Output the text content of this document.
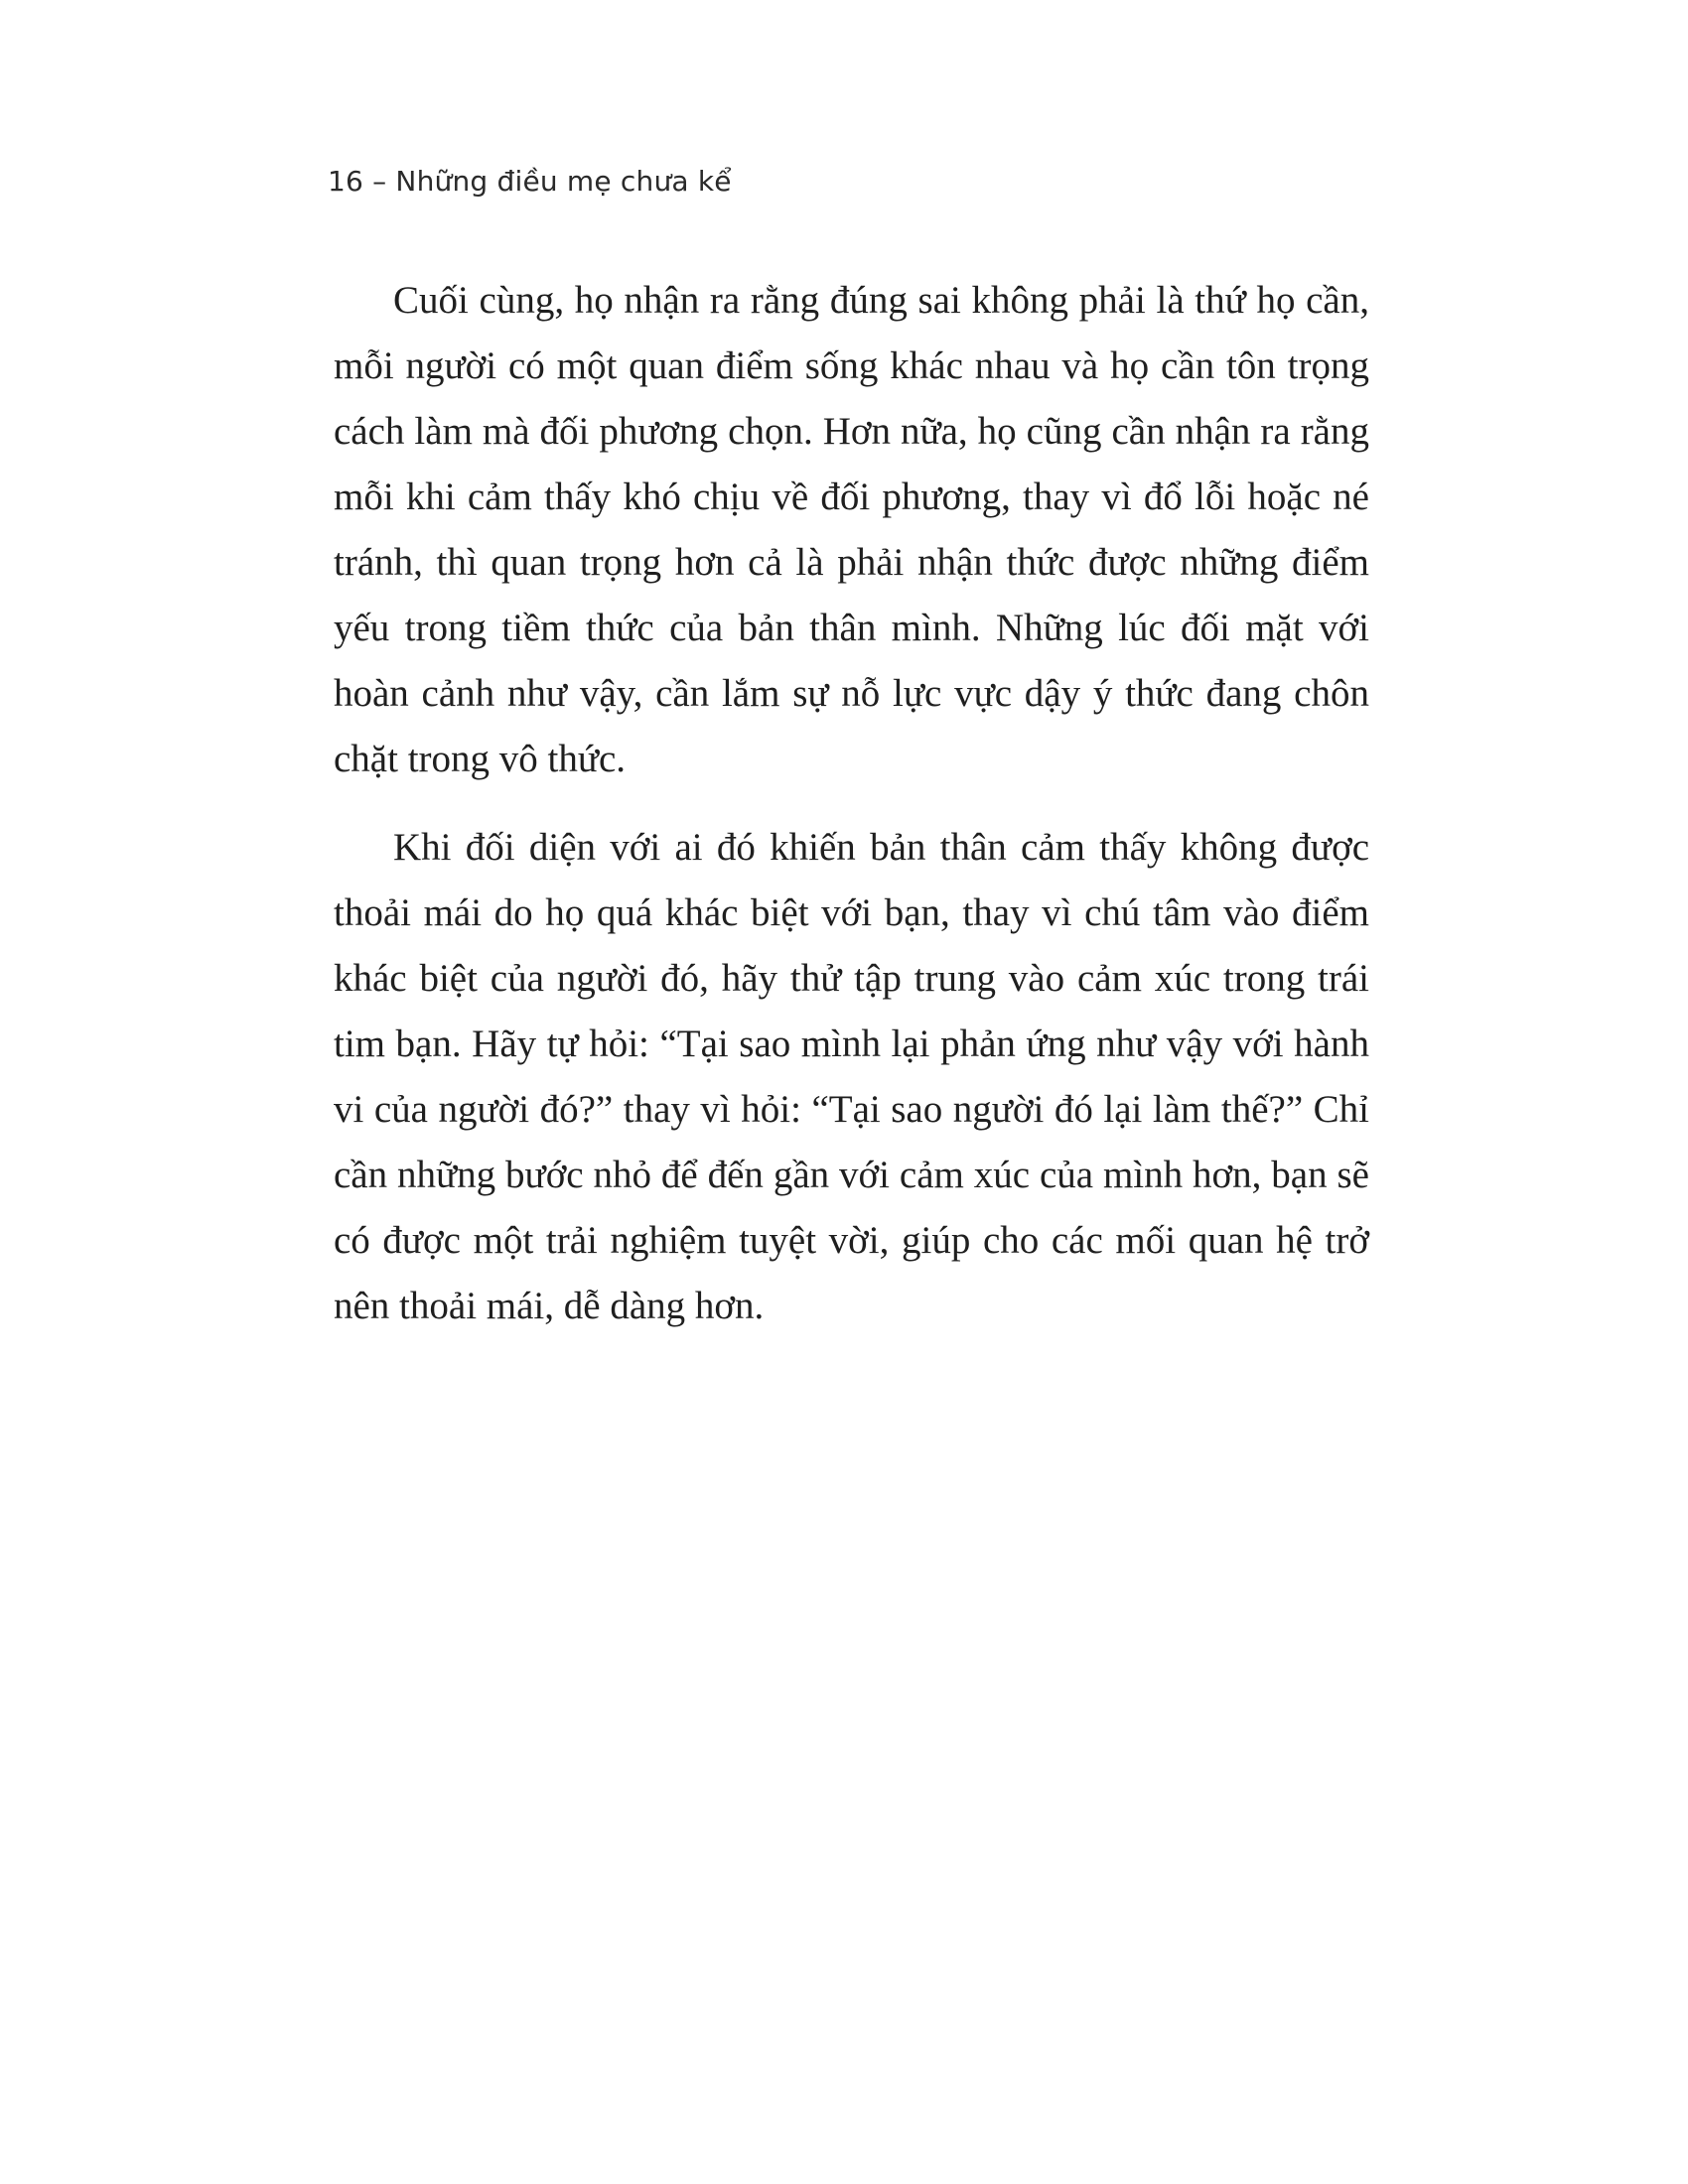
16 – Những điều mẹ chưa kể

Cuối cùng, họ nhận ra rằng đúng sai không phải là thứ họ cần, mỗi người có một quan điểm sống khác nhau và họ cần tôn trọng cách làm mà đối phương chọn. Hơn nữa, họ cũng cần nhận ra rằng mỗi khi cảm thấy khó chịu về đối phương, thay vì đổ lỗi hoặc né tránh, thì quan trọng hơn cả là phải nhận thức được những điểm yếu trong tiềm thức của bản thân mình. Những lúc đối mặt với hoàn cảnh như vậy, cần lắm sự nỗ lực vực dậy ý thức đang chôn chặt trong vô thức.

Khi đối diện với ai đó khiến bản thân cảm thấy không được thoải mái do họ quá khác biệt với bạn, thay vì chú tâm vào điểm khác biệt của người đó, hãy thử tập trung vào cảm xúc trong trái tim bạn. Hãy tự hỏi: “Tại sao mình lại phản ứng như vậy với hành vi của người đó?” thay vì hỏi: “Tại sao người đó lại làm thế?” Chỉ cần những bước nhỏ để đến gần với cảm xúc của mình hơn, bạn sẽ có được một trải nghiệm tuyệt vời, giúp cho các mối quan hệ trở nên thoải mái, dễ dàng hơn.
